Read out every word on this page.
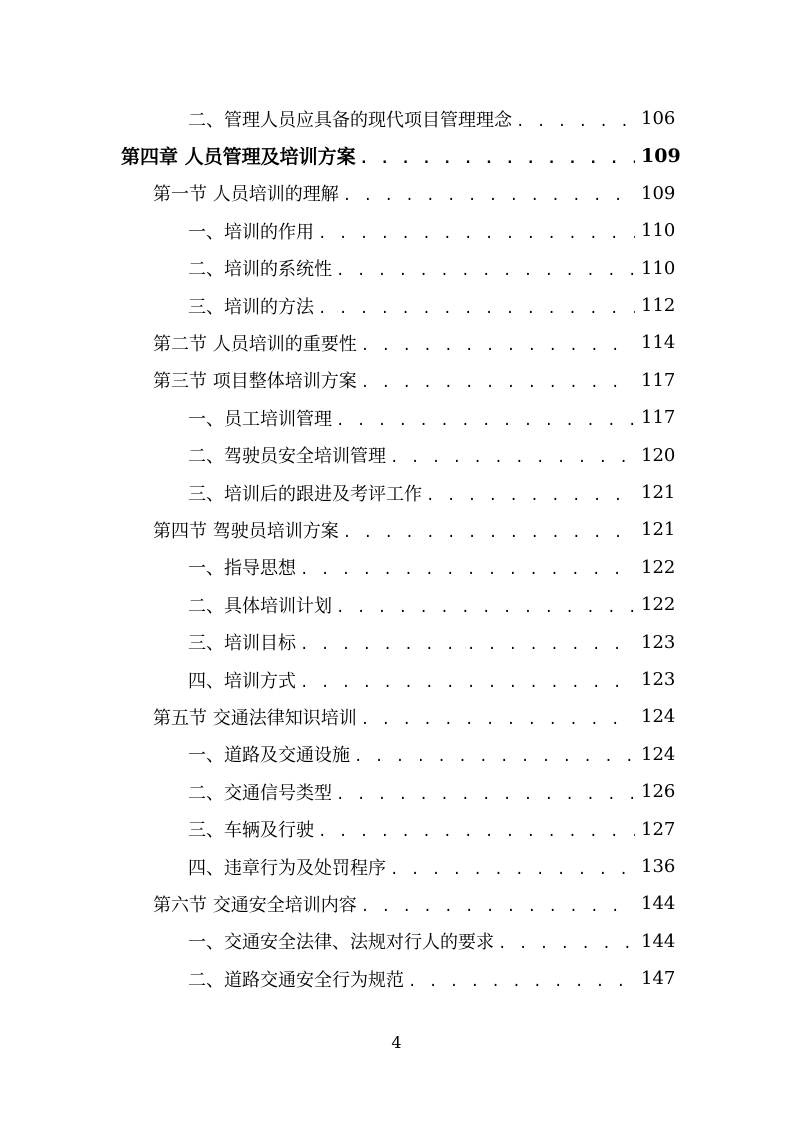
二、管理人员应具备的现代项目管理理念 . . .	106
第四章 人员管理及培训方案 . . .	109
第一节 人员培训的理解 . . .	109
一、培训的作用 . . .	110
二、培训的系统性 . . .	110
三、培训的方法 . . .	112
第二节 人员培训的重要性 . . .	114
第三节 项目整体培训方案 . . .	117
一、员工培训管理 . . .	117
二、驾驶员安全培训管理 . . .	120
三、培训后的跟进及考评工作 . . .	121
第四节 驾驶员培训方案 . . .	121
一、指导思想 . . .	122
二、具体培训计划 . . .	122
三、培训目标 . . .	123
四、培训方式 . . .	123
第五节 交通法律知识培训 . . .	124
一、道路及交通设施 . . .	124
二、交通信号类型 . . .	126
三、车辆及行驶 . . .	127
四、违章行为及处罚程序 . . .	136
第六节 交通安全培训内容 . . .	144
一、交通安全法律、法规对行人的要求 . . .	144
二、道路交通安全行为规范 . . .	147
4
